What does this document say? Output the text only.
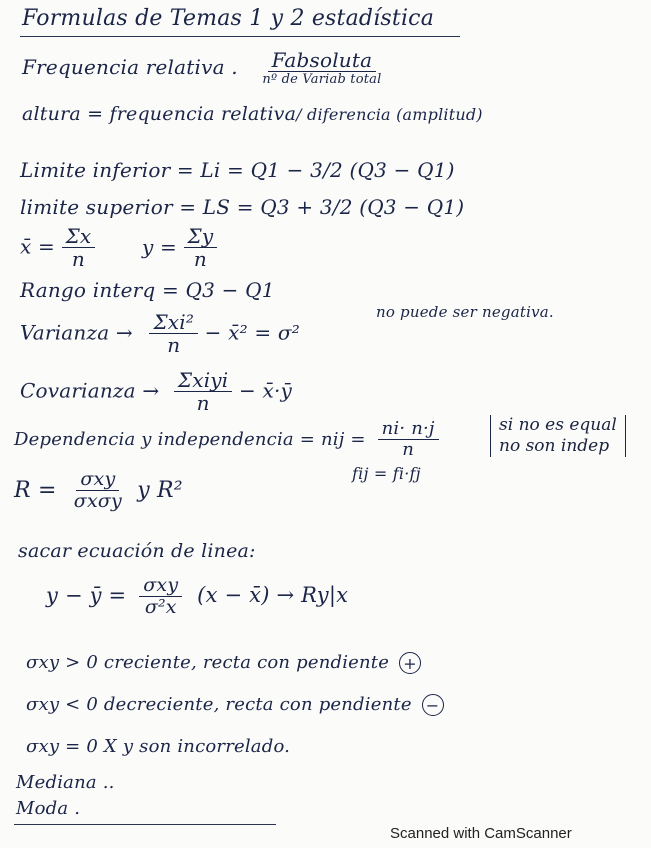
Formulas de Temas 1 y 2 estadística
Frequencia relativa . $\frac{\text{Fabsoluta}}{\text{nº de Variab total}}$
altura = frequencia relativa/ diferencia (amplitud)
Limite inferior = Li = Q1 − 3/2 (Q3 − Q1)
limite superior = LS = Q3 + 3/2 (Q3 − Q1)
x̄ = $\frac{\Sigma x}{n}$ $y = \frac{\Sigma y}{n}$
Rango interq = Q3 − Q1
Varianza → $\frac{\text{Σxi²}}{n}$ − x̄² = σ²
no puede ser negativa.
Covarianza → $\frac{\text{Σxiyi}}{n}$ − x̄·ȳ
Dependencia y independencia = nij = $\frac{ni\cdot n\cdot j}{n}$
fij = fi·fj
si no es equal
no son indep
$R = \frac{\text{σxy}}{\text{σxσy}}$ y R²
sacar ecuación de linea:
y − ȳ = $\frac{\text{σxy}}{\text{σ²x}} (x$ − x̄) → Ry|x
σxy > 0 creciente, recta con pendiente +
σxy < 0 decreciente, recta con pendiente −
σxy = 0 X y son incorrelado.
Mediana ..
Moda .
Scanned with CamScanner
